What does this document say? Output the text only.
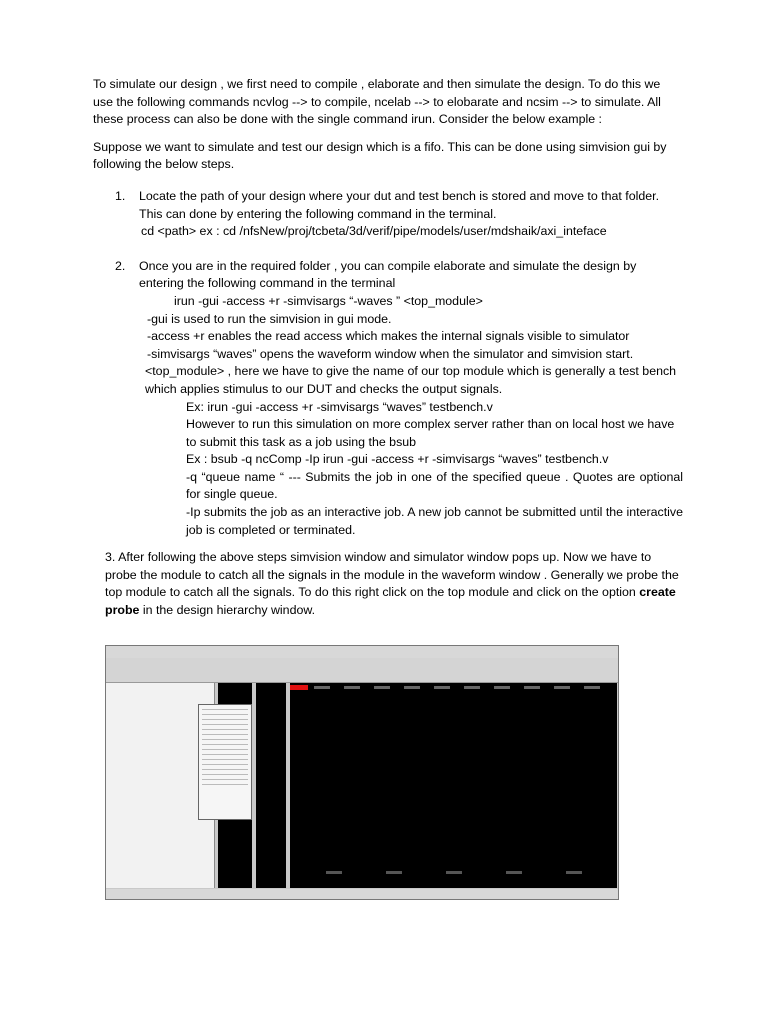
To simulate our design , we first need to compile , elaborate and then simulate the design. To do this we use the following commands ncvlog --> to compile, ncelab --> to elobarate and ncsim --> to simulate. All these process can also be done with the single command irun. Consider the below example :

Suppose we want to simulate and test our design which is a fifo. This can be done using simvision gui by following the below steps.

1. Locate the path of your design where your dut and test bench is stored and move to that folder. This can done by entering the following command in the terminal.

cd <path> ex : cd /nfsNew/proj/tcbeta/3d/verif/pipe/models/user/mdshaik/axi_inteface

2. Once you are in the required folder , you can compile elaborate and simulate the design by entering the following command in the terminal

irun -gui -access +r -simvisargs “-waves ” <top_module>

-gui is used to run the simvision in gui mode.

-access +r enables the read access which makes the internal signals visible to simulator

-simvisargs “waves” opens the waveform window when the simulator and simvision start.

<top_module> , here we have to give the name of our top module which is generally a test bench which applies stimulus to our DUT and checks the output signals.

Ex: irun -gui -access +r -simvisargs “waves” testbench.v

However to run this simulation on more complex server rather than on local host we have to submit this task as a job using the bsub

Ex : bsub -q ncComp -Ip irun -gui -access +r -simvisargs “waves” testbench.v

-q “queue name “ --- Submits the job in one of the specified queue . Quotes are optional for single queue.

-Ip submits the job as an interactive job. A new job cannot be submitted until the interactive job is completed or terminated.

3. After following the above steps simvision window and simulator window pops up. Now we have to probe the module to catch all the signals in the module in the waveform window . Generally we probe the top module to catch all the signals. To do this right click on the top module and click on the option create probe in the design hierarchy window.
